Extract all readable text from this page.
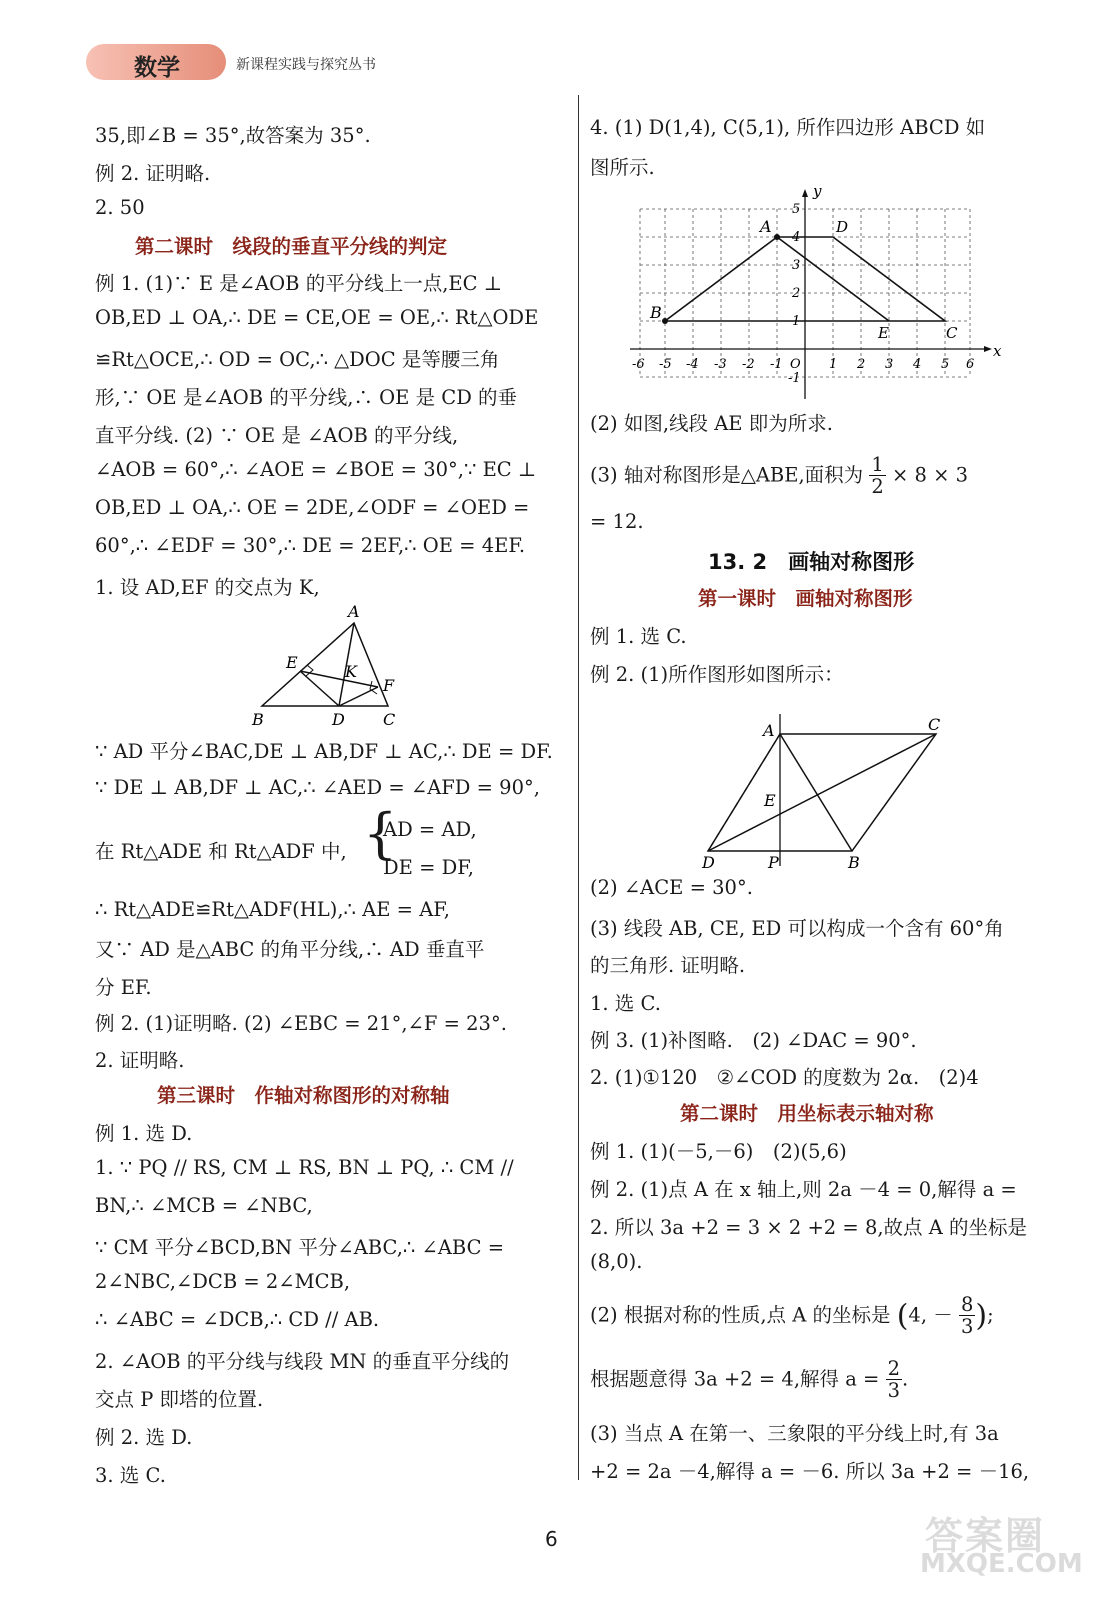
数学	新课程实践与探究丛书
35,即∠B = 35°,故答案为 35°.
例 2. 证明略.
2. 50
第二课时　线段的垂直平分线的判定
例 1. (1)∵ E 是∠AOB 的平分线上一点,EC ⊥
OB,ED ⊥ OA,∴ DE = CE,OE = OE,∴ Rt△ODE
≌Rt△OCE,∴ OD = OC,∴ △DOC 是等腰三角
形,∵ OE 是∠AOB 的平分线,∴ OE 是 CD 的垂
直平分线. (2) ∵ OE 是 ∠AOB 的平分线,
∠AOB = 60°,∴ ∠AOE = ∠BOE = 30°,∵ EC ⊥
OB,ED ⊥ OA,∴ OE = 2DE,∠ODF = ∠OED =
60°,∴ ∠EDF = 30°,∴ DE = 2EF,∴ OE = 4EF.
1. 设 AD,EF 的交点为 K,
A
E	K
F
B	D C
∵ AD 平分∠BAC,DE ⊥ AB,DF ⊥ AC,∴ DE = DF.
∵ DE ⊥ AB,DF ⊥ AC,∴ ∠AED = ∠AFD = 90°,
在 Rt△ADE 和 Rt△ADF 中, {
AD = AD,
DE = DF,
∴ Rt△ADE≌Rt△ADF(HL),∴ AE = AF,
又∵ AD 是△ABC 的角平分线,∴ AD 垂直平
分 EF.
例 2. (1)证明略. (2) ∠EBC = 21°,∠F = 23°.
2. 证明略.
第三课时　作轴对称图形的对称轴
例 1. 选 D.
1. ∵ PQ // RS, CM ⊥ RS, BN ⊥ PQ, ∴ CM //
BN,∴ ∠MCB = ∠NBC,
∵ CM 平分∠BCD,BN 平分∠ABC,∴ ∠ABC =
2∠NBC,∠DCB = 2∠MCB,
∴ ∠ABC = ∠DCB,∴ CD // AB.
2. ∠AOB 的平分线与线段 MN 的垂直平分线的
交点 P 即塔的位置.
例 2. 选 D.
3. 选 C.
4. (1) D(1,4), C(5,1), 所作四边形 ABCD 如
图所示.
y
x
A	D
B
E	C
-6 -5 -4 -3 -2 -1 O 1 2 3 4 5 6
5
4
3
2
1
-1
(2) 如图,线段 AE 即为所求.
(3) 轴对称图形是△ABE,面积为 $\frac{1}{2} \times 8 \times 3$
= 12.
13. 2　画轴对称图形
第一课时　画轴对称图形
例 1. 选 C.
例 2. (1)所作图形如图所示：
A	C
E
D	P	B
(2) ∠ACE = 30°.
(3) 线段 AB, CE, ED 可以构成一个含有 60°角
的三角形. 证明略.
1. 选 C.
例 3. (1)补图略.　(2) ∠DAC = 90°.
2. (1)①120　②∠COD 的度数为 2α.　(2)4
第二课时　用坐标表示轴对称
例 1. (1)(－5,－6)　(2)(5,6)
例 2. (1)点 A 在 x 轴上,则 2a －4 = 0,解得 a =
2. 所以 3a +2 = 3 × 2 +2 = 8,故点 A 的坐标是
(8,0).
(2) 根据对称的性质,点 A 的坐标是 (4, － $\frac{8}{3}$ );
根据题意得 3a +2 = 4,解得 $a = \frac{2}{3}$ .
(3) 当点 A 在第一、三象限的平分线上时,有 3a
+2 = 2a －4,解得 a = －6. 所以 3a +2 = －16,
6	答案圈
MXQE.COM
